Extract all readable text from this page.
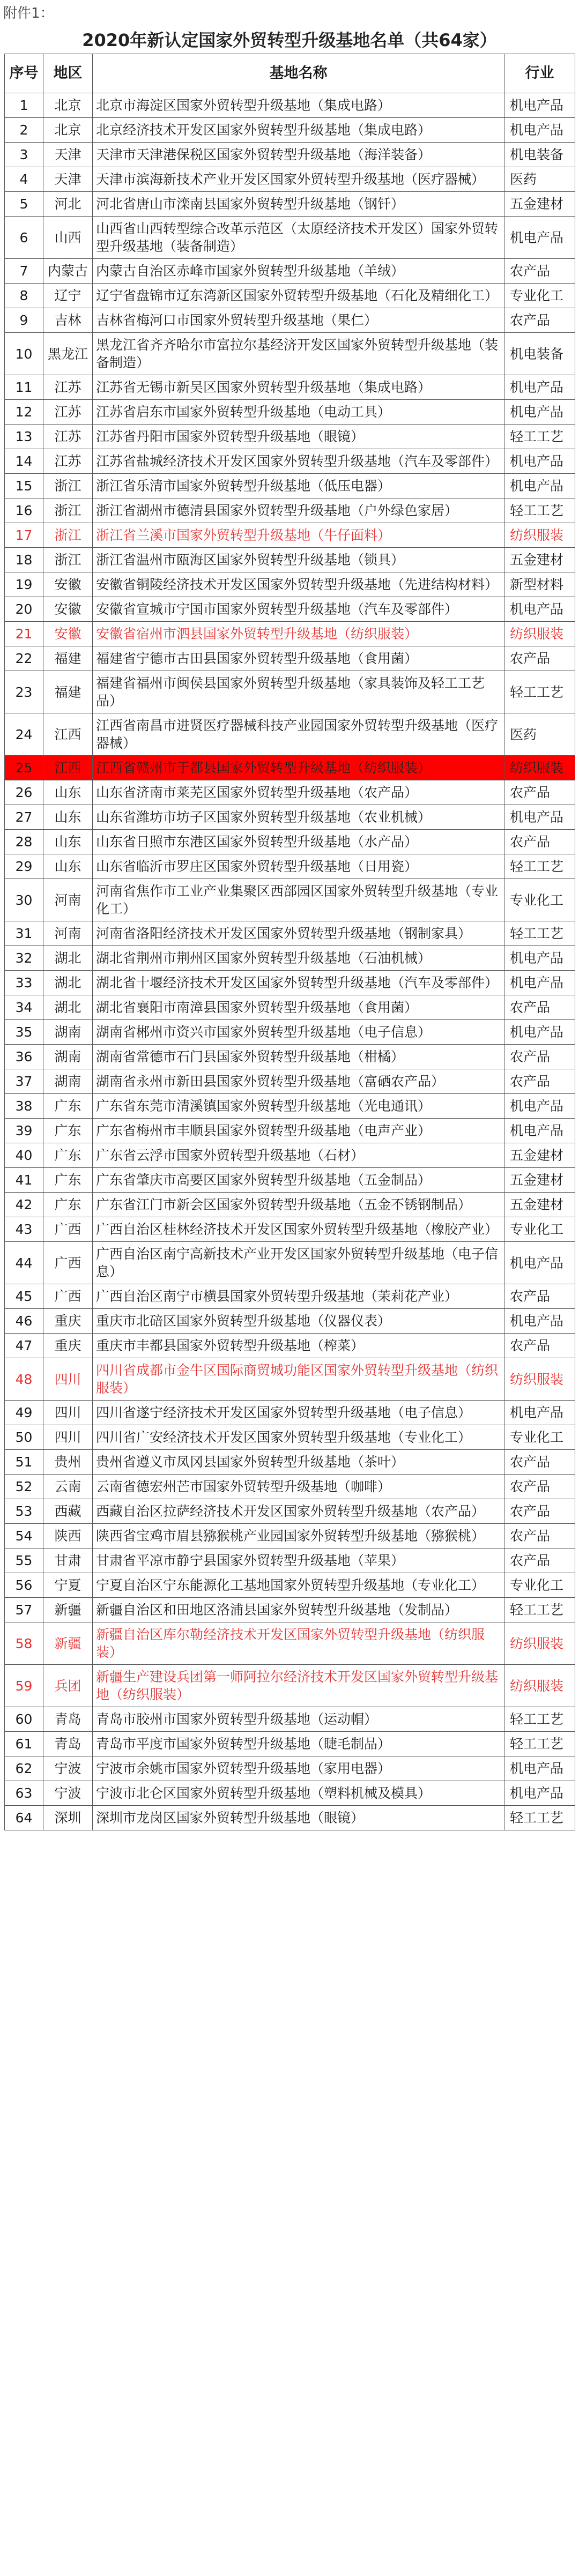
附件1：
2020年新认定国家外贸转型升级基地名单（共64家）
序号	地区	基地名称	行业
1	北京	北京市海淀区国家外贸转型升级基地（集成电路）	机电产品
2	北京	北京经济技术开发区国家外贸转型升级基地（集成电路）	机电产品
3	天津	天津市天津港保税区国家外贸转型升级基地（海洋装备）	机电装备
4	天津	天津市滨海新技术产业开发区国家外贸转型升级基地（医疗器械）	医药
5	河北	河北省唐山市滦南县国家外贸转型升级基地（钢钎）	五金建材
6	山西	山西省山西转型综合改革示范区（太原经济技术开发区）国家外贸转型升级基地（装备制造）	机电产品
7	内蒙古	内蒙古自治区赤峰市国家外贸转型升级基地（羊绒）	农产品
8	辽宁	辽宁省盘锦市辽东湾新区国家外贸转型升级基地（石化及精细化工）	专业化工
9	吉林	吉林省梅河口市国家外贸转型升级基地（果仁）	农产品
10	黑龙江	黑龙江省齐齐哈尔市富拉尔基经济开发区国家外贸转型升级基地（装备制造）	机电装备
11	江苏	江苏省无锡市新吴区国家外贸转型升级基地（集成电路）	机电产品
12	江苏	江苏省启东市国家外贸转型升级基地（电动工具）	机电产品
13	江苏	江苏省丹阳市国家外贸转型升级基地（眼镜）	轻工工艺
14	江苏	江苏省盐城经济技术开发区国家外贸转型升级基地（汽车及零部件）	机电产品
15	浙江	浙江省乐清市国家外贸转型升级基地（低压电器）	机电产品
16	浙江	浙江省湖州市德清县国家外贸转型升级基地（户外绿色家居）	轻工工艺
17	浙江	浙江省兰溪市国家外贸转型升级基地（牛仔面料）	纺织服装
18	浙江	浙江省温州市瓯海区国家外贸转型升级基地（锁具）	五金建材
19	安徽	安徽省铜陵经济技术开发区国家外贸转型升级基地（先进结构材料）	新型材料
20	安徽	安徽省宣城市宁国市国家外贸转型升级基地（汽车及零部件）	机电产品
21	安徽	安徽省宿州市泗县国家外贸转型升级基地（纺织服装）	纺织服装
22	福建	福建省宁德市古田县国家外贸转型升级基地（食用菌）	农产品
23	福建	福建省福州市闽侯县国家外贸转型升级基地（家具装饰及轻工工艺品）	轻工工艺
24	江西	江西省南昌市进贤医疗器械科技产业园国家外贸转型升级基地（医疗器械）	医药
25	江西	江西省赣州市于都县国家外贸转型升级基地（纺织服装）	纺织服装
26	山东	山东省济南市莱芜区国家外贸转型升级基地（农产品）	农产品
27	山东	山东省潍坊市坊子区国家外贸转型升级基地（农业机械）	机电产品
28	山东	山东省日照市东港区国家外贸转型升级基地（水产品）	农产品
29	山东	山东省临沂市罗庄区国家外贸转型升级基地（日用瓷）	轻工工艺
30	河南	河南省焦作市工业产业集聚区西部园区国家外贸转型升级基地（专业化工）	专业化工
31	河南	河南省洛阳经济技术开发区国家外贸转型升级基地（钢制家具）	轻工工艺
32	湖北	湖北省荆州市荆州区国家外贸转型升级基地（石油机械）	机电产品
33	湖北	湖北省十堰经济技术开发区国家外贸转型升级基地（汽车及零部件）	机电产品
34	湖北	湖北省襄阳市南漳县国家外贸转型升级基地（食用菌）	农产品
35	湖南	湖南省郴州市资兴市国家外贸转型升级基地（电子信息）	机电产品
36	湖南	湖南省常德市石门县国家外贸转型升级基地（柑橘）	农产品
37	湖南	湖南省永州市新田县国家外贸转型升级基地（富硒农产品）	农产品
38	广东	广东省东莞市清溪镇国家外贸转型升级基地（光电通讯）	机电产品
39	广东	广东省梅州市丰顺县国家外贸转型升级基地（电声产业）	机电产品
40	广东	广东省云浮市国家外贸转型升级基地（石材）	五金建材
41	广东	广东省肇庆市高要区国家外贸转型升级基地（五金制品）	五金建材
42	广东	广东省江门市新会区国家外贸转型升级基地（五金不锈钢制品）	五金建材
43	广西	广西自治区桂林经济技术开发区国家外贸转型升级基地（橡胶产业）	专业化工
44	广西	广西自治区南宁高新技术产业开发区国家外贸转型升级基地（电子信息）	机电产品
45	广西	广西自治区南宁市横县国家外贸转型升级基地（茉莉花产业）	农产品
46	重庆	重庆市北碚区国家外贸转型升级基地（仪器仪表）	机电产品
47	重庆	重庆市丰都县国家外贸转型升级基地（榨菜）	农产品
48	四川	四川省成都市金牛区国际商贸城功能区国家外贸转型升级基地（纺织服装）	纺织服装
49	四川	四川省遂宁经济技术开发区国家外贸转型升级基地（电子信息）	机电产品
50	四川	四川省广安经济技术开发区国家外贸转型升级基地（专业化工）	专业化工
51	贵州	贵州省遵义市凤冈县国家外贸转型升级基地（茶叶）	农产品
52	云南	云南省德宏州芒市国家外贸转型升级基地（咖啡）	农产品
53	西藏	西藏自治区拉萨经济技术开发区国家外贸转型升级基地（农产品）	农产品
54	陕西	陕西省宝鸡市眉县猕猴桃产业园国家外贸转型升级基地（猕猴桃）	农产品
55	甘肃	甘肃省平凉市静宁县国家外贸转型升级基地（苹果）	农产品
56	宁夏	宁夏自治区宁东能源化工基地国家外贸转型升级基地（专业化工）	专业化工
57	新疆	新疆自治区和田地区洛浦县国家外贸转型升级基地（发制品）	轻工工艺
58	新疆	新疆自治区库尔勒经济技术开发区国家外贸转型升级基地（纺织服装）	纺织服装
59	兵团	新疆生产建设兵团第一师阿拉尔经济技术开发区国家外贸转型升级基地（纺织服装）	纺织服装
60	青岛	青岛市胶州市国家外贸转型升级基地（运动帽）	轻工工艺
61	青岛	青岛市平度市国家外贸转型升级基地（睫毛制品）	轻工工艺
62	宁波	宁波市余姚市国家外贸转型升级基地（家用电器）	机电产品
63	宁波	宁波市北仑区国家外贸转型升级基地（塑料机械及模具）	机电产品
64	深圳	深圳市龙岗区国家外贸转型升级基地（眼镜）	轻工工艺
